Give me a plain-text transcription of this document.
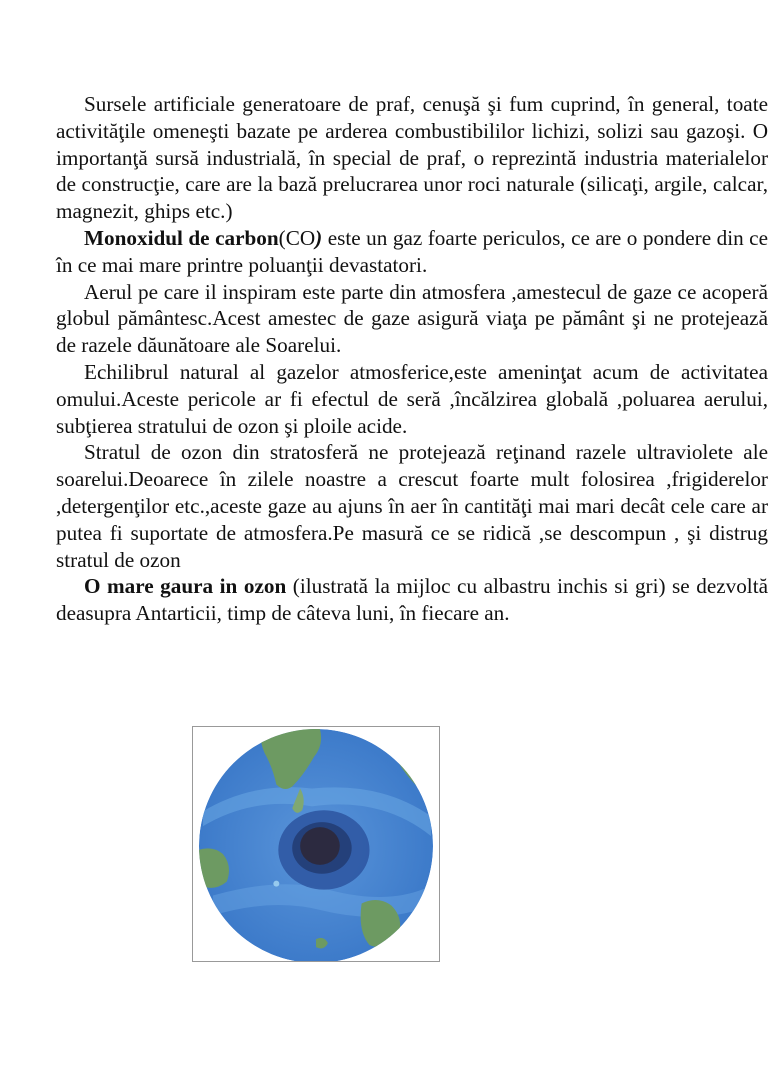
Sursele artificiale generatoare de praf, cenuşă şi fum cuprind, în general, toate activităţile omeneşti bazate pe arderea combustibililor lichizi, solizi sau gazoşi. O importanţă sursă industrială, în special de praf, o reprezintă industria materialelor de construcţie, care are la bază prelucrarea unor roci naturale (silicaţi, argile, calcar, magnezit, ghips etc.)

Monoxidul de carbon(CO) este un gaz foarte periculos, ce are o pondere din ce în ce mai mare printre poluanţii devastatori.

Aerul pe care il inspiram este parte din atmosfera ,amestecul de gaze ce acoperă globul pământesc.Acest amestec de gaze asigură viaţa pe pământ şi ne protejează de razele dăunătoare ale Soarelui.

Echilibrul natural al gazelor atmosferice,este ameninţat acum de activitatea omului.Aceste pericole ar fi efectul de seră ,încălzirea globală ,poluarea aerului, subţierea stratului de ozon şi ploile acide.

Stratul de ozon din stratosferă ne protejează reţinand razele ultraviolete ale soarelui.Deoarece în zilele noastre a crescut foarte mult folosirea ,frigiderelor ,detergenţilor etc.,aceste gaze au ajuns în aer în cantităţi mai mari decât cele care ar putea fi suportate de atmosfera.Pe masură ce se ridică ,se descompun , şi distrug stratul de ozon

O mare gaura in ozon (ilustrată la mijloc cu albastru inchis si gri) se dezvoltă deasupra Antarticii, timp de câteva luni, în fiecare an.
